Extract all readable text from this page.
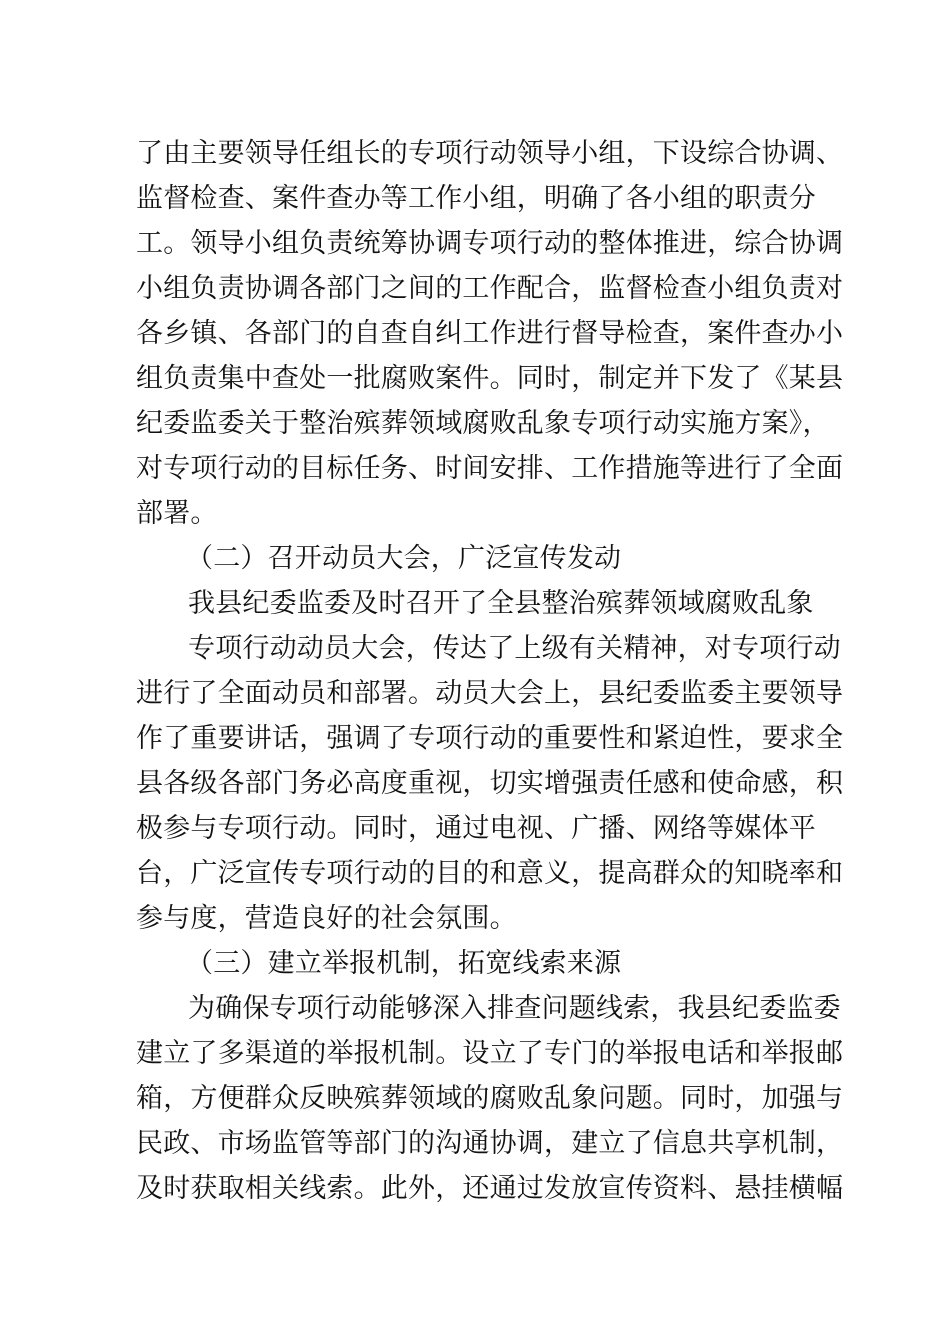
了由主要领导任组长的专项行动领导小组，下设综合协调、
监督检查、案件查办等工作小组，明确了各小组的职责分
工。领导小组负责统筹协调专项行动的整体推进，综合协调
小组负责协调各部门之间的工作配合，监督检查小组负责对
各乡镇、各部门的自查自纠工作进行督导检查，案件查办小
组负责集中查处一批腐败案件。同时，制定并下发了《某县
纪委监委关于整治殡葬领域腐败乱象专项行动实施方案》，
对专项行动的目标任务、时间安排、工作措施等进行了全面
部署。
（二）召开动员大会，广泛宣传发动
我县纪委监委及时召开了全县整治殡葬领域腐败乱象
专项行动动员大会，传达了上级有关精神，对专项行动
进行了全面动员和部署。动员大会上，县纪委监委主要领导
作了重要讲话，强调了专项行动的重要性和紧迫性，要求全
县各级各部门务必高度重视，切实增强责任感和使命感，积
极参与专项行动。同时，通过电视、广播、网络等媒体平
台，广泛宣传专项行动的目的和意义，提高群众的知晓率和
参与度，营造良好的社会氛围。
（三）建立举报机制，拓宽线索来源
为确保专项行动能够深入排查问题线索，我县纪委监委
建立了多渠道的举报机制。设立了专门的举报电话和举报邮
箱，方便群众反映殡葬领域的腐败乱象问题。同时，加强与
民政、市场监管等部门的沟通协调，建立了信息共享机制，
及时获取相关线索。此外，还通过发放宣传资料、悬挂横幅
